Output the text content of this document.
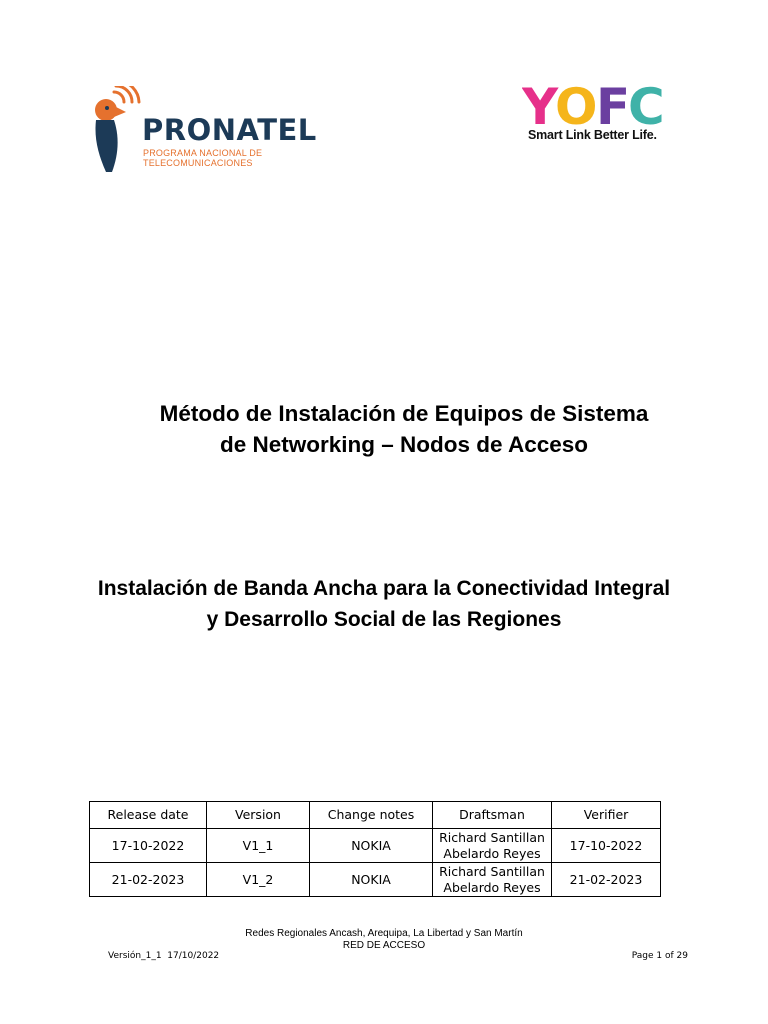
PRONATEL
PROGRAMA NACIONAL DE
TELECOMUNICACIONES
Y
O
F
C
Smart Link Better Life.
Método de Instalación de Equipos de Sistema
de Networking – Nodos de Acceso
Instalación de Banda Ancha para la Conectividad Integral
y Desarrollo Social de las Regiones
Release date	Version	Change notes	Draftsman	Verifier
17-10-2022	V1_1	NOKIA	Richard Santillan
Abelardo Reyes	17-10-2022
21-02-2023	V1_2	NOKIA	Richard Santillan
Abelardo Reyes	21-02-2023
Redes Regionales Ancash, Arequipa, La Libertad y San Martín
RED DE ACCESO
Versión_1_1  17/10/2022	Page 1 of 29
